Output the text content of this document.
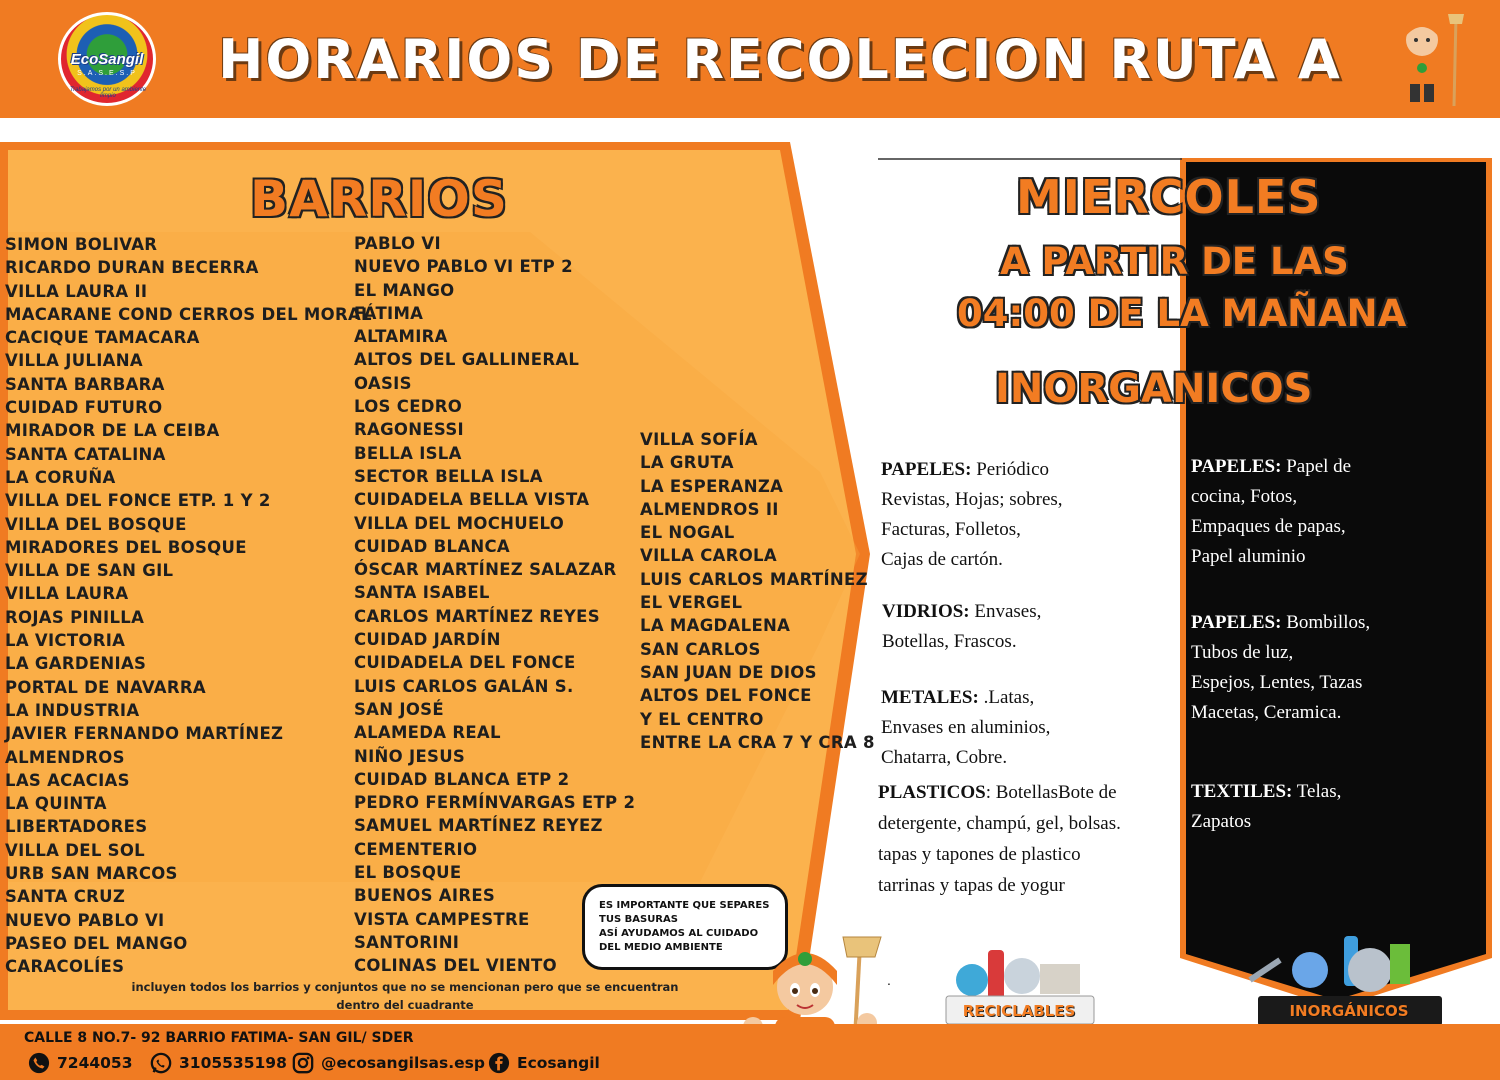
EcoSangil
S.A.S.E.S.P
Trabajamos por un ambiente limpio
HORARIOS DE RECOLECION RUTA A
BARRIOS
SIMON BOLIVAR
RICARDO DURAN BECERRA
VILLA LAURA II
MACARANE COND CERROS DEL MORAL
CACIQUE TAMACARA
VILLA JULIANA
SANTA BARBARA
CUIDAD FUTURO
MIRADOR DE LA CEIBA
SANTA CATALINA
LA CORUÑA
VILLA DEL FONCE ETP. 1 Y 2
VILLA DEL BOSQUE
MIRADORES DEL BOSQUE
VILLA DE SAN GIL
VILLA LAURA
ROJAS PINILLA
LA VICTORIA
LA GARDENIAS
PORTAL DE NAVARRA
LA INDUSTRIA
JAVIER FERNANDO MARTÍNEZ
ALMENDROS
LAS ACACIAS
LA QUINTA
LIBERTADORES
VILLA DEL SOL
URB SAN MARCOS
SANTA CRUZ
NUEVO PABLO VI
PASEO DEL MANGO
CARACOLÍES
PABLO VI
NUEVO PABLO VI ETP 2
EL MANGO
FÁTIMA
ALTAMIRA
ALTOS DEL GALLINERAL
OASIS
LOS CEDRO
RAGONESSI
BELLA ISLA
SECTOR BELLA ISLA
CUIDADELA BELLA VISTA
VILLA DEL MOCHUELO
CUIDAD BLANCA
ÓSCAR MARTÍNEZ SALAZAR
SANTA ISABEL
CARLOS MARTÍNEZ REYES
CUIDAD JARDÍN
CUIDADELA DEL FONCE
LUIS CARLOS GALÁN S.
SAN JOSÉ
ALAMEDA REAL
NIÑO JESUS
CUIDAD BLANCA ETP 2
PEDRO FERMÍNVARGAS ETP 2
SAMUEL MARTÍNEZ REYEZ
CEMENTERIO
EL BOSQUE
BUENOS AIRES
VISTA CAMPESTRE
SANTORINI
COLINAS DEL VIENTO
VILLA SOFÍA
LA GRUTA
LA ESPERANZA
ALMENDROS II
EL NOGAL
VILLA CAROLA
LUIS CARLOS MARTÍNEZ
EL VERGEL
LA MAGDALENA
SAN CARLOS
SAN JUAN DE DIOS
ALTOS DEL FONCE
Y EL CENTRO
ENTRE LA CRA 7 Y CRA 8
incluyen todos los barrios y conjuntos que no se mencionan pero que se encuentran dentro del cuadrante
ES IMPORTANTE QUE SEPARES
TUS BASURAS
ASÍ AYUDAMOS AL CUIDADO
DEL MEDIO AMBIENTE
MIERCOLES
A PARTIR DE LAS
04:00 DE LA MAÑANA
INORGANICOS
PAPELES: Periódico
Revistas, Hojas; sobres,
Facturas, Folletos,
Cajas de cartón.
VIDRIOS: Envases,
Botellas, Frascos.
METALES: .Latas,
Envases en aluminios,
Chatarra, Cobre.
PLASTICOS: BotellasBote de
detergente, champú, gel, bolsas.
tapas y tapones de plastico
tarrinas y tapas de yogur
PAPELES: Papel de
cocina, Fotos,
Empaques de papas,
Papel aluminio
PAPELES: Bombillos,
Tubos de luz,
Espejos, Lentes, Tazas
Macetas, Ceramica.
TEXTILES: Telas,
Zapatos
.
RECICLABLES	INORGÁNICOS
CALLE 8 NO.7- 92 BARRIO FATIMA- SAN GIL/ SDER
7244053	3105535198 @ecosangilsas.esp Ecosangil
